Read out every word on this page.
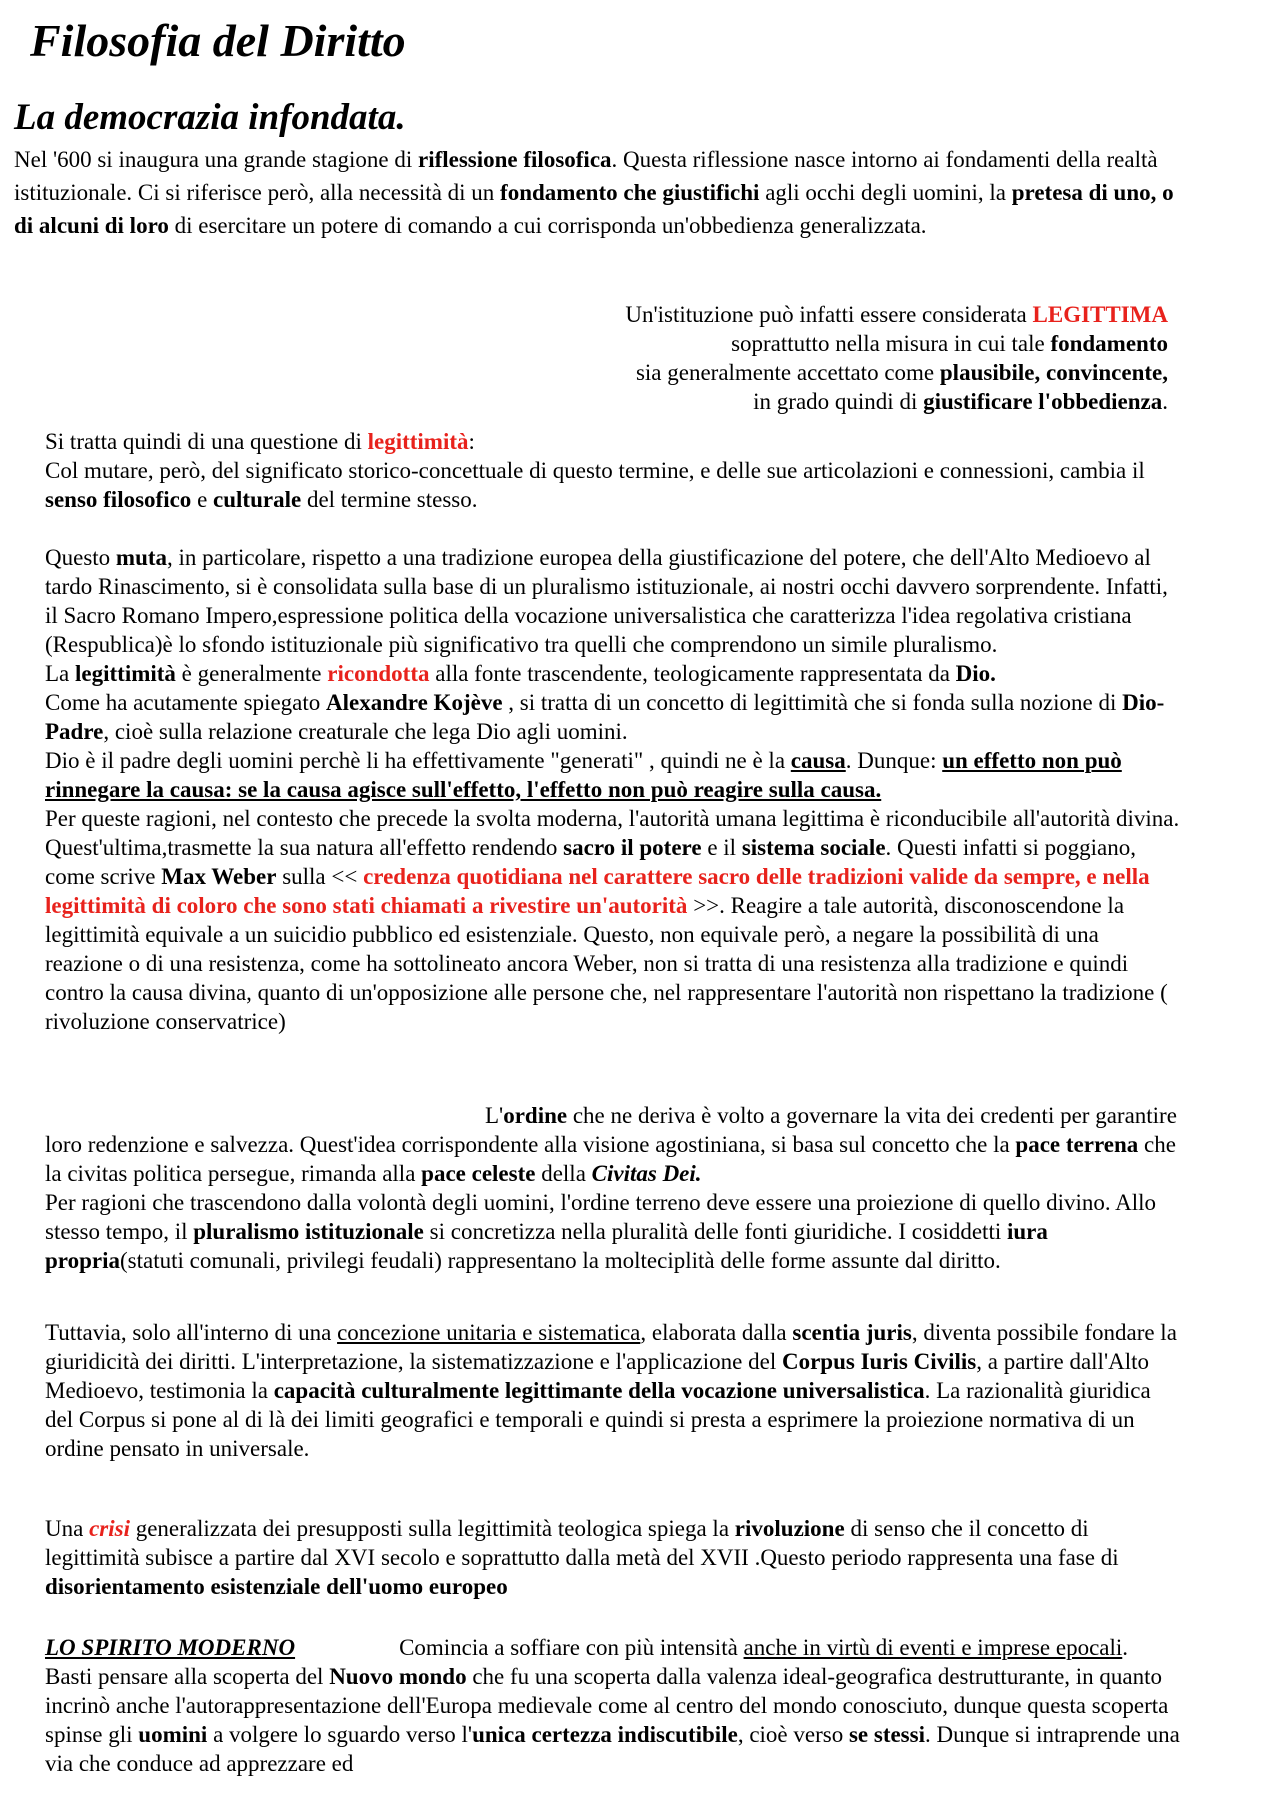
Filosofia del Diritto
La democrazia infondata.

Nel '600 si inaugura una grande stagione di riflessione filosofica. Questa riflessione nasce intorno ai fondamenti della realtà istituzionale. Ci si riferisce però, alla necessità di un fondamento che giustifichi agli occhi degli uomini, la pretesa di uno, o di alcuni di loro di esercitare un potere di comando a cui corrisponda un'obbedienza generalizzata.

Un'istituzione può infatti essere considerata LEGITTIMA
soprattutto nella misura in cui tale fondamento
sia generalmente accettato come plausibile, convincente,
in grado quindi di giustificare l'obbedienza.

Si tratta quindi di una questione di legittimità:
Col mutare, però, del significato storico-concettuale di questo termine, e delle sue articolazioni e connessioni, cambia il senso filosofico e culturale del termine stesso.

Questo muta, in particolare, rispetto a una tradizione europea della giustificazione del potere, che dell'Alto Medioevo al tardo Rinascimento, si è consolidata sulla base di un pluralismo istituzionale, ai nostri occhi davvero sorprendente. Infatti, il Sacro Romano Impero,espressione politica della vocazione universalistica che caratterizza l'idea regolativa cristiana (Respublica)è lo sfondo istituzionale più significativo tra quelli che comprendono un simile pluralismo.
La legittimità è generalmente ricondotta alla fonte trascendente, teologicamente rappresentata da Dio.
Come ha acutamente spiegato Alexandre Kojève , si tratta di un concetto di legittimità che si fonda sulla nozione di Dio-Padre, cioè sulla relazione creaturale che lega Dio agli uomini.
Dio è il padre degli uomini perchè li ha effettivamente "generati" , quindi ne è la causa. Dunque: un effetto non può rinnegare la causa: se la causa agisce sull'effetto, l'effetto non può reagire sulla causa.
Per queste ragioni, nel contesto che precede la svolta moderna, l'autorità umana legittima è riconducibile all'autorità divina. Quest'ultima,trasmette la sua natura all'effetto rendendo sacro il potere e il sistema sociale. Questi infatti si poggiano, come scrive Max Weber sulla << credenza quotidiana nel carattere sacro delle tradizioni valide da sempre, e nella legittimità di coloro che sono stati chiamati a rivestire un'autorità >>. Reagire a tale autorità, disconoscendone la legittimità equivale a un suicidio pubblico ed esistenziale. Questo, non equivale però, a negare la possibilità di una reazione o di una resistenza, come ha sottolineato ancora Weber, non si tratta di una resistenza alla tradizione e quindi contro la causa divina, quanto di un'opposizione alle persone che, nel rappresentare l'autorità non rispettano la tradizione ( rivoluzione conservatrice)

L'ordine che ne deriva è volto a governare la vita dei credenti per garantire loro redenzione e salvezza. Quest'idea corrispondente alla visione agostiniana, si basa sul concetto che la pace terrena che la civitas politica persegue, rimanda alla pace celeste della Civitas Dei.
Per ragioni che trascendono dalla volontà degli uomini, l'ordine terreno deve essere una proiezione di quello divino. Allo stesso tempo, il pluralismo istituzionale si concretizza nella pluralità delle fonti giuridiche. I cosiddetti iura propria(statuti comunali, privilegi feudali) rappresentano la molteciplità delle forme assunte dal diritto.

Tuttavia, solo all'interno di una concezione unitaria e sistematica, elaborata dalla scentia juris, diventa possibile fondare la giuridicità dei diritti. L'interpretazione, la sistematizzazione e l'applicazione del Corpus Iuris Civilis, a partire dall'Alto Medioevo, testimonia la capacità culturalmente legittimante della vocazione universalistica. La razionalità giuridica del Corpus si pone al di là dei limiti geografici e temporali e quindi si presta a esprimere la proiezione normativa di un ordine pensato in universale.

Una crisi generalizzata dei presupposti sulla legittimità teologica spiega la rivoluzione di senso che il concetto di legittimità subisce a partire dal XVI secolo e soprattutto dalla metà del XVII .Questo periodo rappresenta una fase di disorientamento esistenziale dell'uomo europeo

LO SPIRITO MODERNO	Comincia a soffiare con più intensità anche in virtù di eventi e imprese epocali. Basti pensare alla scoperta del Nuovo mondo che fu una scoperta dalla valenza ideal-geografica destrutturante, in quanto incrinò anche l'autorappresentazione dell'Europa medievale come al centro del mondo conosciuto, dunque questa scoperta spinse gli uomini a volgere lo sguardo verso l'unica certezza indiscutibile, cioè verso se stessi. Dunque si intraprende una via che conduce ad apprezzare ed
